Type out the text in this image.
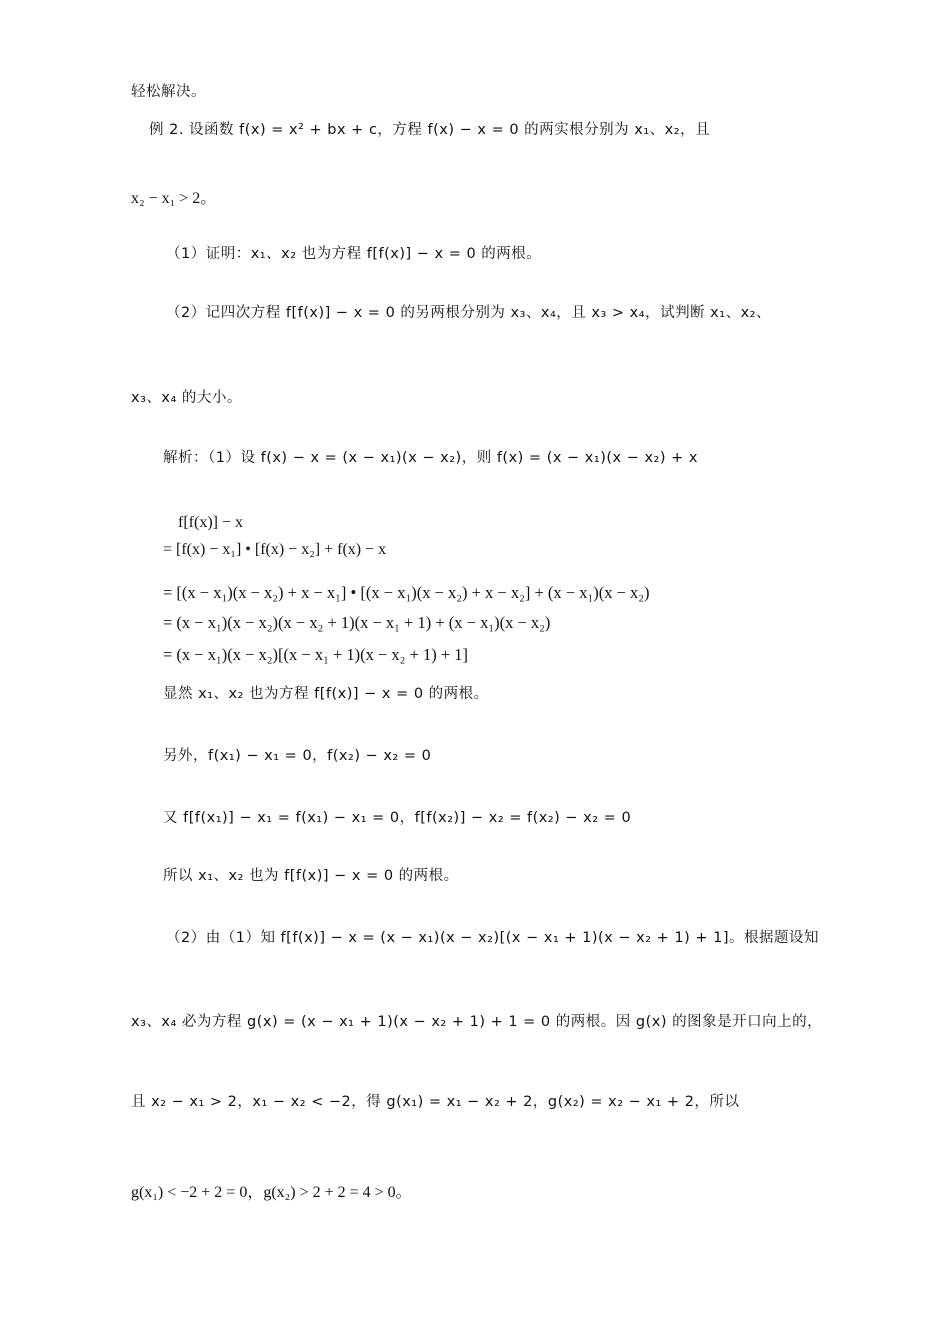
轻松解决。
例 2. 设函数 f(x) = x² + bx + c，方程 f(x) − x = 0 的两实根分别为 x₁、x₂，且
x₂ − x₁ > 2。
（1）证明：x₁、x₂ 也为方程 f[f(x)] − x = 0 的两根。
（2）记四次方程 f[f(x)] − x = 0 的另两根分别为 x₃、x₄，且 x₃ > x₄，试判断 x₁、x₂、
x₃、x₄ 的大小。
解析：（1）设 f(x) − x = (x − x₁)(x − x₂)，则 f(x) = (x − x₁)(x − x₂) + x
f[f(x)] − x
= [f(x) − x₁] • [f(x) − x₂] + f(x) − x
= [(x − x₁)(x − x₂) + x − x₁] • [(x − x₁)(x − x₂) + x − x₂] + (x − x₁)(x − x₂)
= (x − x₁)(x − x₂)(x − x₂ + 1)(x − x₁ + 1) + (x − x₁)(x − x₂)
= (x − x₁)(x − x₂)[(x − x₁ + 1)(x − x₂ + 1) + 1]
显然 x₁、x₂ 也为方程 f[f(x)] − x = 0 的两根。
另外，f(x₁) − x₁ = 0，f(x₂) − x₂ = 0
又 f[f(x₁)] − x₁ = f(x₁) − x₁ = 0，f[f(x₂)] − x₂ = f(x₂) − x₂ = 0
所以 x₁、x₂ 也为 f[f(x)] − x = 0 的两根。
（2）由（1）知 f[f(x)] − x = (x − x₁)(x − x₂)[(x − x₁ + 1)(x − x₂ + 1) + 1]。根据题设知
x₃、x₄ 必为方程 g(x) = (x − x₁ + 1)(x − x₂ + 1) + 1 = 0 的两根。因 g(x) 的图象是开口向上的，
且 x₂ − x₁ > 2，x₁ − x₂ < −2，得 g(x₁) = x₁ − x₂ + 2，g(x₂) = x₂ − x₁ + 2，所以
g(x₁) < −2 + 2 = 0，g(x₂) > 2 + 2 = 4 > 0。
